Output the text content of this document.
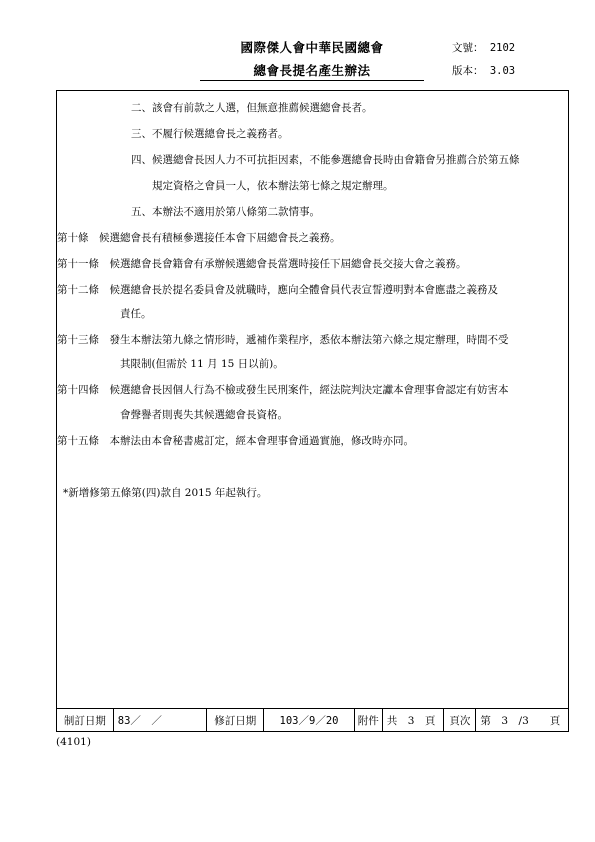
國際傑人會中華民國總會
總會長提名產生辦法
文號： 2102
版本： 3.03
二、該會有前款之人選，但無意推薦候選總會長者。
三、不履行候選總會長之義務者。
四、候選總會長因人力不可抗拒因素，不能參選總會長時由會籍會另推薦合於第五條
規定資格之會員一人，依本辦法第七條之規定辦理。
五、本辦法不適用於第八條第二款情事。
第十條　候選總會長有積極參選接任本會下屆總會長之義務。
第十一條　候選總會長會籍會有承辦候選總會長當選時接任下屆總會長交接大會之義務。
第十二條　候選總會長於提名委員會及就職時，應向全體會員代表宣誓遵明對本會應盡之義務及
責任。
第十三條　發生本辦法第九條之情形時，遞補作業程序，悉依本辦法第六條之規定辦理，時間不受
其限制(但需於 11 月 15 日以前)。
第十四條　候選總會長因個人行為不檢或發生民刑案件，經法院判決定讞本會理事會認定有妨害本
會聲譽者則喪失其候選總會長資格。
第十五條　本辦法由本會秘書處訂定，經本會理事會通過實施，修改時亦同。
*新增修第五條第(四)款自 2015 年起執行。
制訂日期	83／　／	修訂日期	103／9／20	附件 共　3　頁	頁次 第　3　/3　　頁
(4101)
